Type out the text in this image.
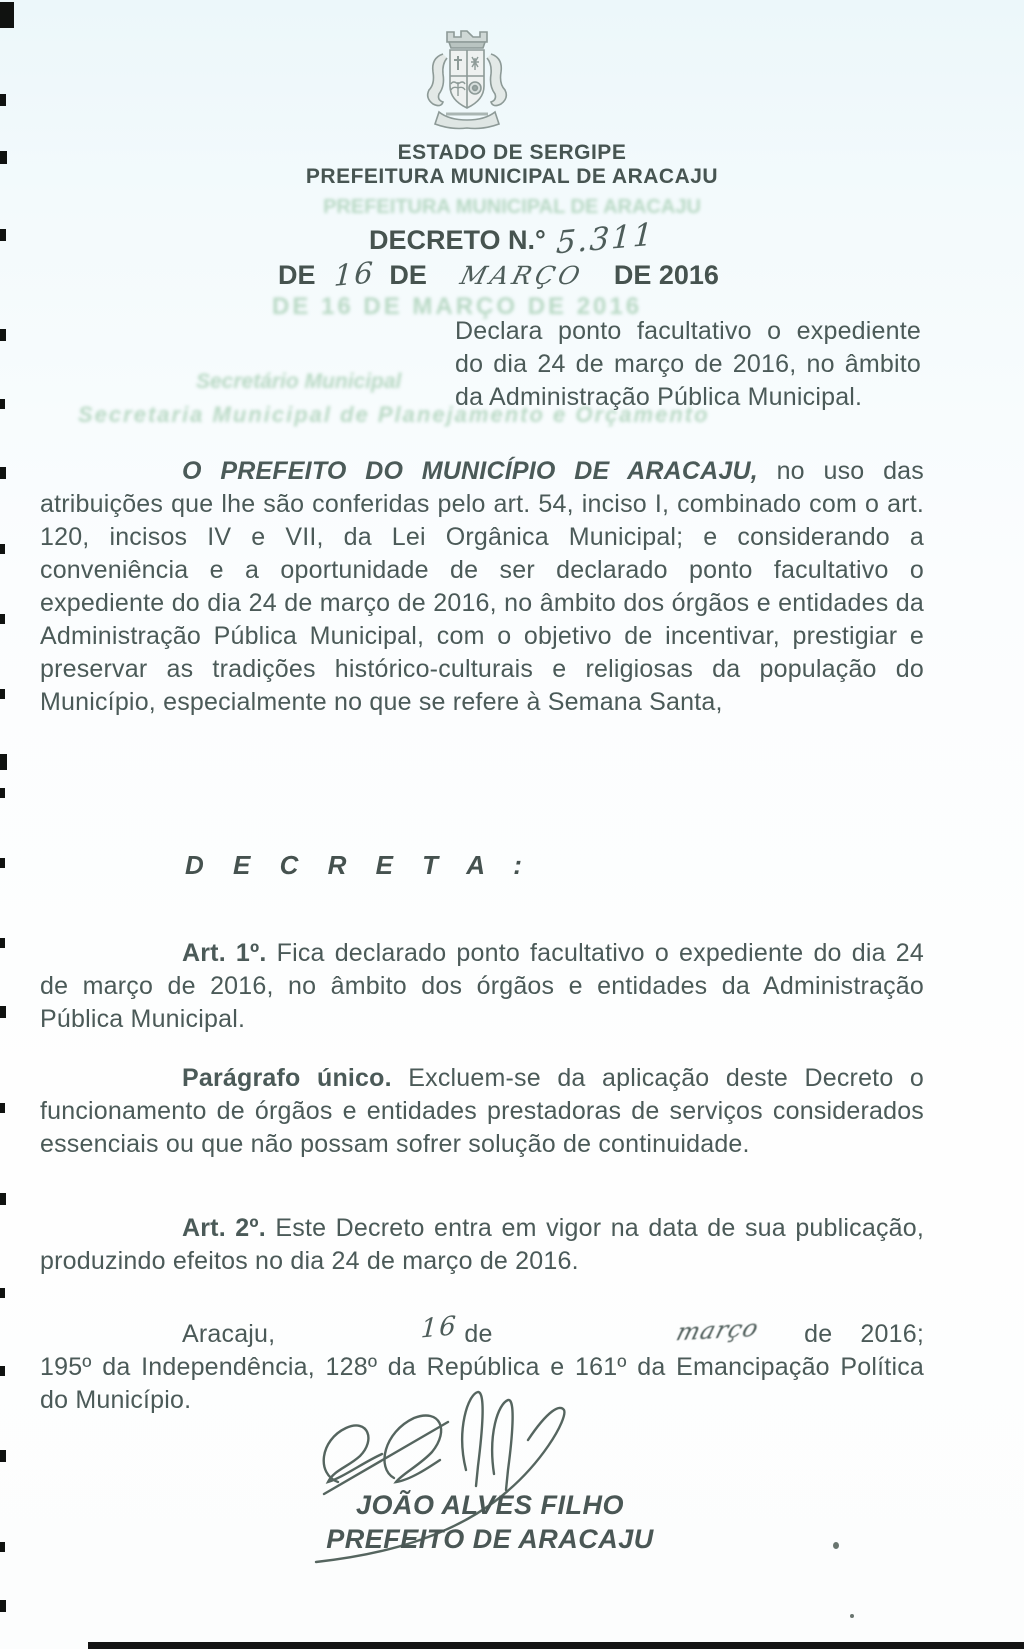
ESTADO DE SERGIPE
PREFEITURA MUNICIPAL DE ARACAJU
PREFEITURA MUNICIPAL DE ARACAJU
DE 16 DE MARÇO DE 2016
Secretário Municipal
Secretaria Municipal de Planejamento e Orçamento
DECRETO N.° 5.311
DE 16 DE MARÇO DE 2016
Declara ponto facultativo o expediente do dia 24 de março de 2016, no âmbito da Administração Pública Municipal.

O PREFEITO DO MUNICÍPIO DE ARACAJU, no uso das atribuições que lhe são conferidas pelo art. 54, inciso I, combinado com o art. 120, incisos IV e VII, da Lei Orgânica Municipal; e considerando a conveniência e a oportunidade de ser declarado ponto facultativo o expediente do dia 24 de março de 2016, no âmbito dos órgãos e entidades da Administração Pública Municipal, com o objetivo de incentivar, prestigiar e preservar as tradições histórico-culturais e religiosas da população do Município, especialmente no que se refere à Semana Santa,

D E C R E T A :

Art. 1º. Fica declarado ponto facultativo o expediente do dia 24 de março de 2016, no âmbito dos órgãos e entidades da Administração Pública Municipal.

Parágrafo único. Excluem-se da aplicação deste Decreto o funcionamento de órgãos e entidades prestadoras de serviços considerados essenciais ou que não possam sofrer solução de continuidade.

Art. 2º. Este Decreto entra em vigor na data de sua publicação, produzindo efeitos no dia 24 de março de 2016.

Aracaju,	16 de	março de 2016; 195º da Independência, 128º da República e 161º da Emancipação Política do Município.

JOÃO ALVES FILHO
PREFEITO DE ARACAJU
